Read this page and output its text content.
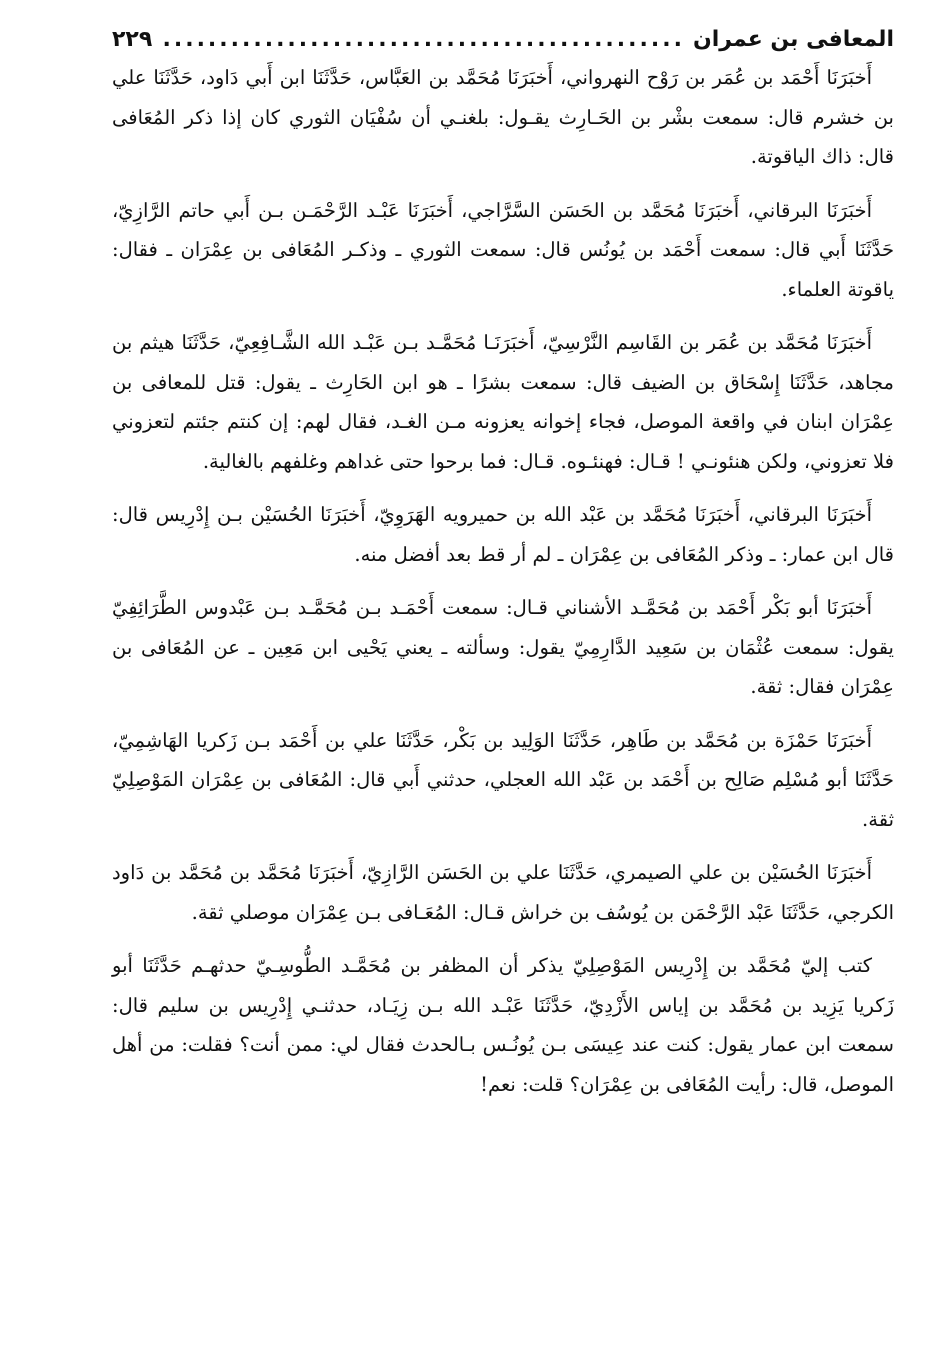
المعافى بن عمران
.....
٢٢٩

أَخبَرَنَا أَحْمَد بن عُمَر بن رَوْح النهرواني، أَخبَرَنَا مُحَمَّد بن العَبَّاس، حَدَّثَنَا ابن أَبي دَاود، حَدَّثَنَا علي بن خشرم قال: سمعت بشْر بن الحَـارِث يقـول: بلغنـي أن سُفْيَان الثوري كان إذا ذكر المُعَافى قال: ذاك الياقوتة.

أَخبَرَنَا البرقاني، أَخبَرَنَا مُحَمَّد بن الحَسَن السَّرَّاجي، أَخبَرَنَا عَبْـد الرَّحْمَـن بـن أَبي حاتم الرَّازِيّ، حَدَّثَنَا أَبي قال: سمعت أَحْمَد بن يُونُس قال: سمعت الثوري ـ وذكـر المُعَافى بن عِمْرَان ـ فقال: ياقوتة العلماء.

أَخبَرَنَا مُحَمَّد بن عُمَر بن القَاسِم النَّرْسِيّ، أَخبَرَنَـا مُحَمَّـد بـن عَبْـد الله الشَّـافِعِيّ، حَدَّثَنَا هيثم بن مجاهد، حَدَّثَنَا إِسْحَاق بن الضيف قال: سمعت بشرًا ـ هو ابن الحَارِث ـ يقول: قتل للمعافى بن عِمْرَان ابنان في واقعة الموصل، فجاء إخوانه يعزونه مـن الغـد، فقال لهم: إن كنتم جئتم لتعزوني فلا تعزوني، ولكن هنئونـي ! قـال: فهنئـوه. قـال: فما برحوا حتى غداهم وغلفهم بالغالية.

أَخبَرَنَا البرقاني، أَخبَرَنَا مُحَمَّد بن عَبْد الله بن حميرويه الهَرَوِيّ، أَخبَرَنَا الحُسَيْن بـن إِدْرِيس قال: قال ابن عمار: ـ وذكر المُعَافى بن عِمْرَان ـ لم أر قط بعد أفضل منه.

أَخبَرَنَا أبو بَكْر أَحْمَد بن مُحَمَّـد الأشناني قـال: سمعت أَحْمَـد بـن مُحَمَّـد بـن عَبْدوس الطَّرَائِفِيّ يقول: سمعت عُثْمَان بن سَعِيد الدَّارِمِيّ يقول: وسألته ـ يعني يَحْيى ابن مَعِين ـ عن المُعَافى بن عِمْرَان فقال: ثقة.

أَخبَرَنَا حَمْزَة بن مُحَمَّد بن طَاهِر، حَدَّثَنَا الوَلِيد بن بَكْر، حَدَّثَنَا علي بن أَحْمَد بـن زَكريا الهَاشِمِيّ، حَدَّثَنَا أبو مُسْلِم صَالِح بن أَحْمَد بن عَبْد الله العجلي، حدثني أَبي قال: المُعَافى بن عِمْرَان المَوْصِلِيّ ثقة.

أَخبَرَنَا الحُسَيْن بن علي الصيمري، حَدَّثَنَا علي بن الحَسَن الرَّازِيّ، أَخبَرَنَا مُحَمَّد بن مُحَمَّد بن دَاود الكرجي، حَدَّثَنَا عَبْد الرَّحْمَن بن يُوسُف بن خراش قـال: المُعَـافى بـن عِمْرَان موصلي ثقة.

كتب إليّ مُحَمَّد بن إِدْرِيس المَوْصِلِيّ يذكر أن المظفر بن مُحَمَّـد الطُّوسِـيّ حدثهـم حَدَّثَنَا أبو زَكريا يَزِيد بن مُحَمَّد بن إياس الأَزْدِيّ، حَدَّثَنَا عَبْـد الله بـن زِيَـاد، حدثنـي إِدْرِيس بن سليم قال: سمعت ابن عمار يقول: كنت عند عِيسَى بـن يُونُـس بـالحدث فقال لي: ممن أنت؟ فقلت: من أهل الموصل، قال: رأيت المُعَافى بن عِمْرَان؟ قلت: نعم!
